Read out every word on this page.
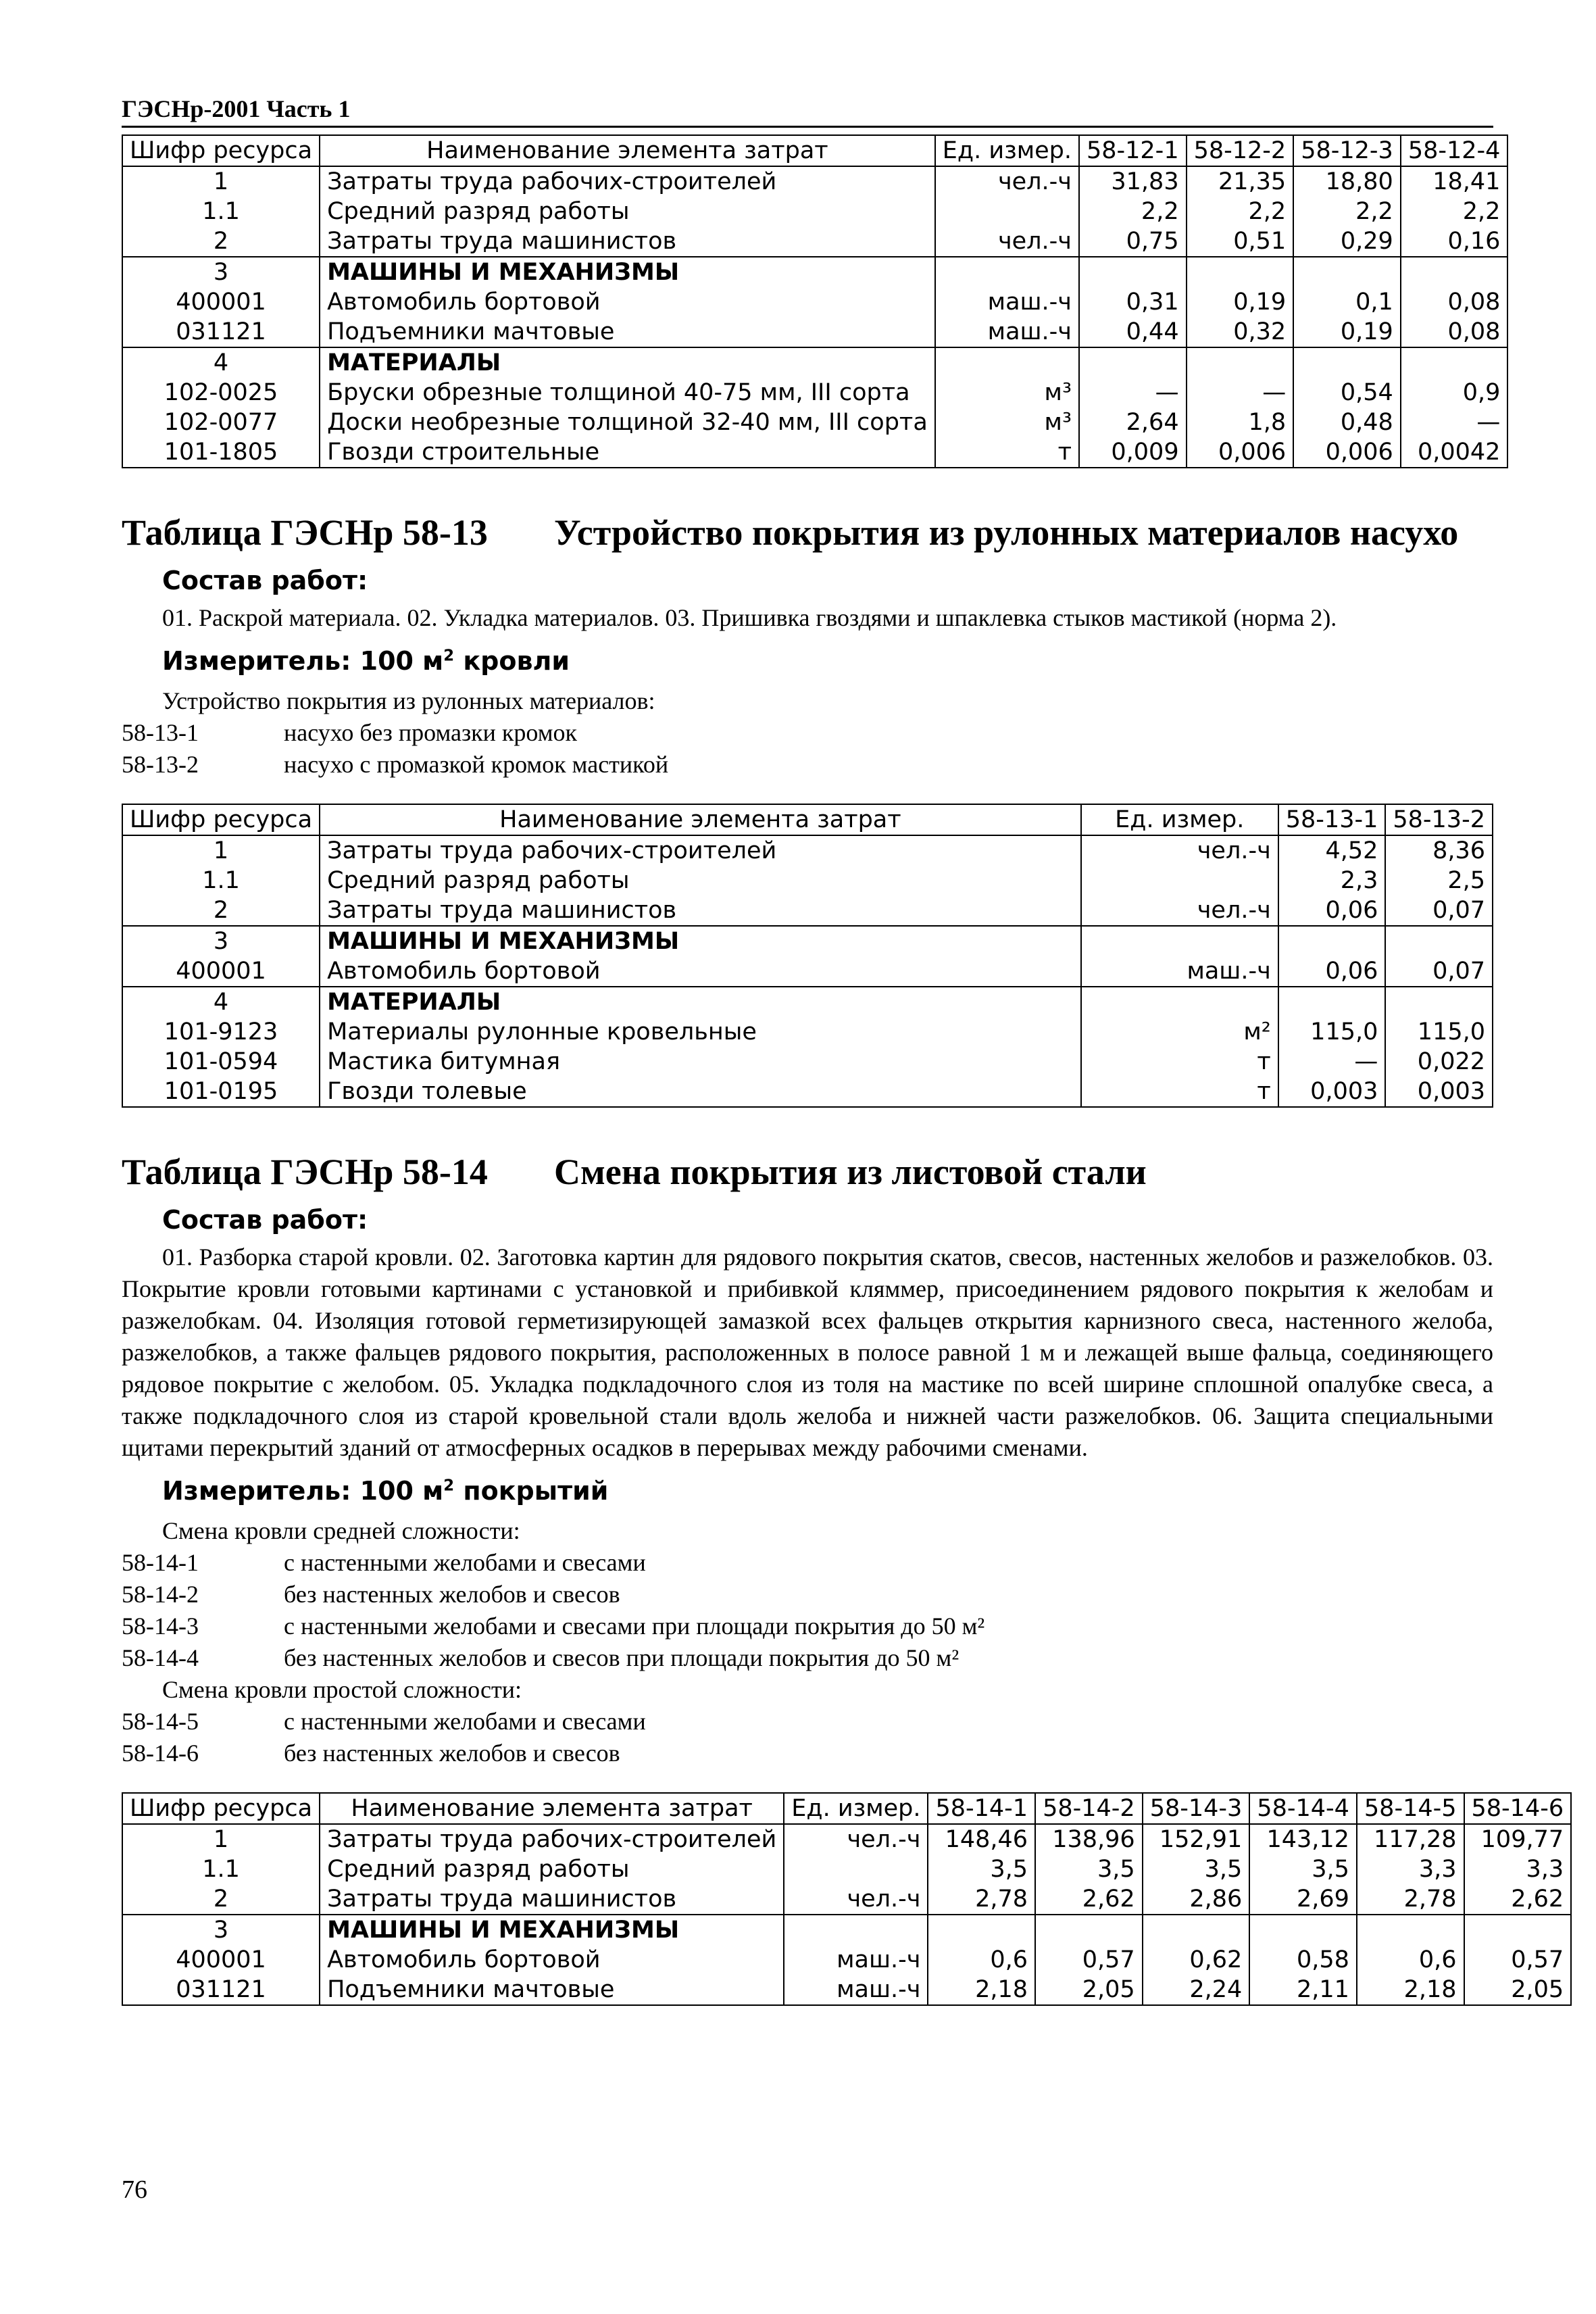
ГЭСНр-2001 Часть 1
Шифр ресурса	Наименование элемента затрат	Ед. измер.	58-12-1	58-12-2	58-12-3	58-12-4
1	Затраты труда рабочих-строителей	чел.-ч	31,83	21,35	18,80	18,41
1.1	Средний разряд работы		2,2	2,2	2,2	2,2
2	Затраты труда машинистов	чел.-ч	0,75	0,51	0,29	0,16
3	МАШИНЫ И МЕХАНИЗМЫ					
400001	Автомобиль бортовой	маш.-ч	0,31	0,19	0,1	0,08
031121	Подъемники мачтовые	маш.-ч	0,44	0,32	0,19	0,08
4	МАТЕРИАЛЫ					
102-0025	Бруски обрезные толщиной 40-75 мм, III сорта	м³	—	—	0,54	0,9
102-0077	Доски необрезные толщиной 32-40 мм, III сорта	м³	2,64	1,8	0,48	—
101-1805	Гвозди строительные	т	0,009	0,006	0,006	0,0042
Таблица ГЭСНр 58-13 Устройство покрытия из рулонных материалов насухо
Состав работ:
01. Раскрой материала. 02. Укладка материалов. 03. Пришивка гвоздями и шпаклевка стыков мастикой (норма 2).
Измеритель: 100 $м^2$ кровли
Устройство покрытия из рулонных материалов:
58-13-1	насухо без промазки кромок
58-13-2	насухо с промазкой кромок мастикой
Шифр ресурса	Наименование элемента затрат	Ед. измер.	58-13-1	58-13-2
1	Затраты труда рабочих-строителей	чел.-ч	4,52	8,36
1.1	Средний разряд работы		2,3	2,5
2	Затраты труда машинистов	чел.-ч	0,06	0,07
3	МАШИНЫ И МЕХАНИЗМЫ			
400001	Автомобиль бортовой	маш.-ч	0,06	0,07
4	МАТЕРИАЛЫ			
101-9123	Материалы рулонные кровельные	м²	115,0	115,0
101-0594	Мастика битумная	т	—	0,022
101-0195	Гвозди толевые	т	0,003	0,003
Таблица ГЭСНр 58-14 Смена покрытия из листовой стали
Состав работ:
01. Разборка старой кровли. 02. Заготовка картин для рядового покрытия скатов, свесов, настенных желобов и разжелобков. 03. Покрытие кровли готовыми картинами с установкой и прибивкой кляммер, присоединением рядового покрытия к желобам и разжелобкам. 04. Изоляция готовой герметизирующей замазкой всех фальцев открытия карнизного свеса, настенного желоба, разжелобков, а также фальцев рядового покрытия, расположенных в полосе равной 1 м и лежащей выше фальца, соединяющего рядовое покрытие с желобом. 05. Укладка подкладочного слоя из толя на мастике по всей ширине сплошной опалубке свеса, а также подкладочного слоя из старой кровельной стали вдоль желоба и нижней части разжелобков. 06. Защита специальными щитами перекрытий зданий от атмосферных осадков в перерывах между рабочими сменами.
Измеритель: 100 $м^2$ покрытий
Смена кровли средней сложности:
58-14-1	с настенными желобами и свесами
58-14-2	без настенных желобов и свесов
58-14-3	с настенными желобами и свесами при площади покрытия до 50 м²
58-14-4	без настенных желобов и свесов при площади покрытия до 50 м²
Смена кровли простой сложности:
58-14-5	с настенными желобами и свесами
58-14-6	без настенных желобов и свесов
Шифр ресурса	Наименование элемента затрат	Ед. измер.	58-14-1	58-14-2	58-14-3	58-14-4	58-14-5	58-14-6
1	Затраты труда рабочих-строителей	чел.-ч	148,46	138,96	152,91	143,12	117,28	109,77
1.1	Средний разряд работы		3,5	3,5	3,5	3,5	3,3	3,3
2	Затраты труда машинистов	чел.-ч	2,78	2,62	2,86	2,69	2,78	2,62
3	МАШИНЫ И МЕХАНИЗМЫ							
400001	Автомобиль бортовой	маш.-ч	0,6	0,57	0,62	0,58	0,6	0,57
031121	Подъемники мачтовые	маш.-ч	2,18	2,05	2,24	2,11	2,18	2,05
76
